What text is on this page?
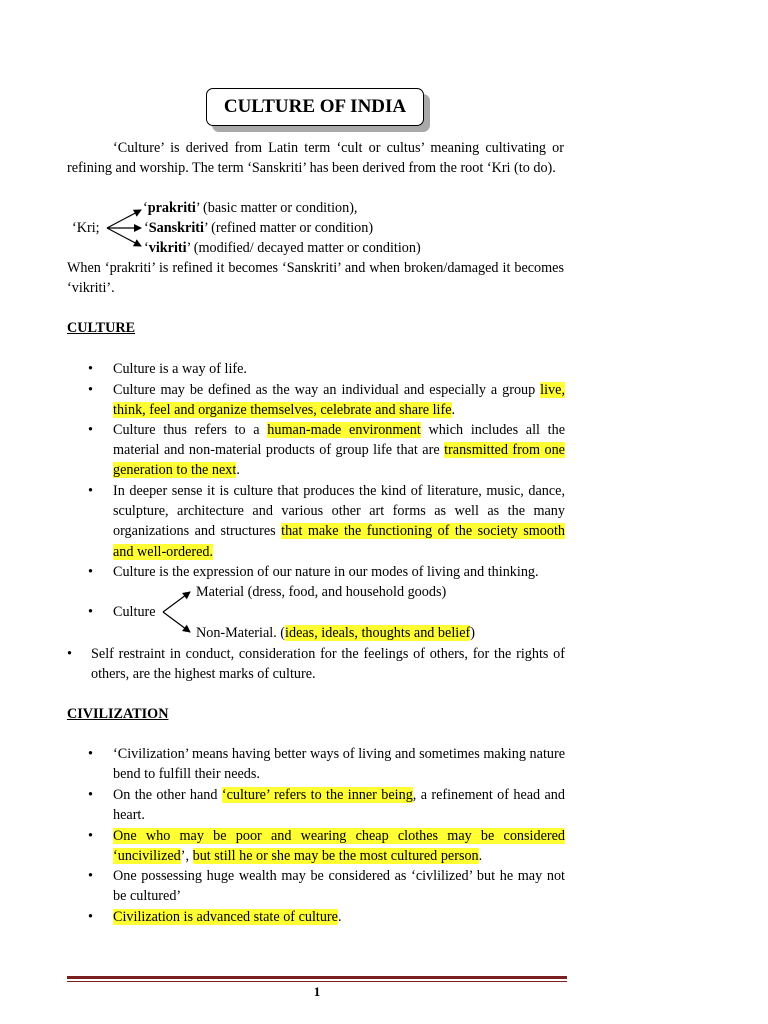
CULTURE OF INDIA
‘Culture’ is derived from Latin term ‘cult or cultus’ meaning cultivating or refining and worship. The term ‘Sanskriti’ has been derived from the root ‘Kri (to do).
‘Kri;
‘prakriti’ (basic matter or condition),
‘Sanskriti’ (refined matter or condition)
‘vikriti’ (modified/ decayed matter or condition)
When ‘prakriti’ is refined it becomes ‘Sanskriti’ and when broken/damaged it becomes ‘vikriti’.
CULTURE
• Culture is a way of life.
• Culture may be defined as the way an individual and especially a group live, think, feel and organize themselves, celebrate and share life.
• Culture thus refers to a human-made environment which includes all the material and non-material products of group life that are transmitted from one generation to the next.
• In deeper sense it is culture that produces the kind of literature, music, dance, sculpture, architecture and various other art forms as well as the many organizations and structures that make the functioning of the society smooth and well-ordered.
• Culture is the expression of our nature in our modes of living and thinking.
• Culture
Material (dress, food, and household goods)
Non-Material. (ideas, ideals, thoughts and belief)
• Self restraint in conduct, consideration for the feelings of others, for the rights of others, are the highest marks of culture.
CIVILIZATION
• ‘Civilization’ means having better ways of living and sometimes making nature bend to fulfill their needs.
• On the other hand ‘culture’ refers to the inner being, a refinement of head and heart.
• One who may be poor and wearing cheap clothes may be considered ‘uncivilized’, but still he or she may be the most cultured person.
• One possessing huge wealth may be considered as ‘civlilized’ but he may not be cultured’
• Civilization is advanced state of culture.
1
